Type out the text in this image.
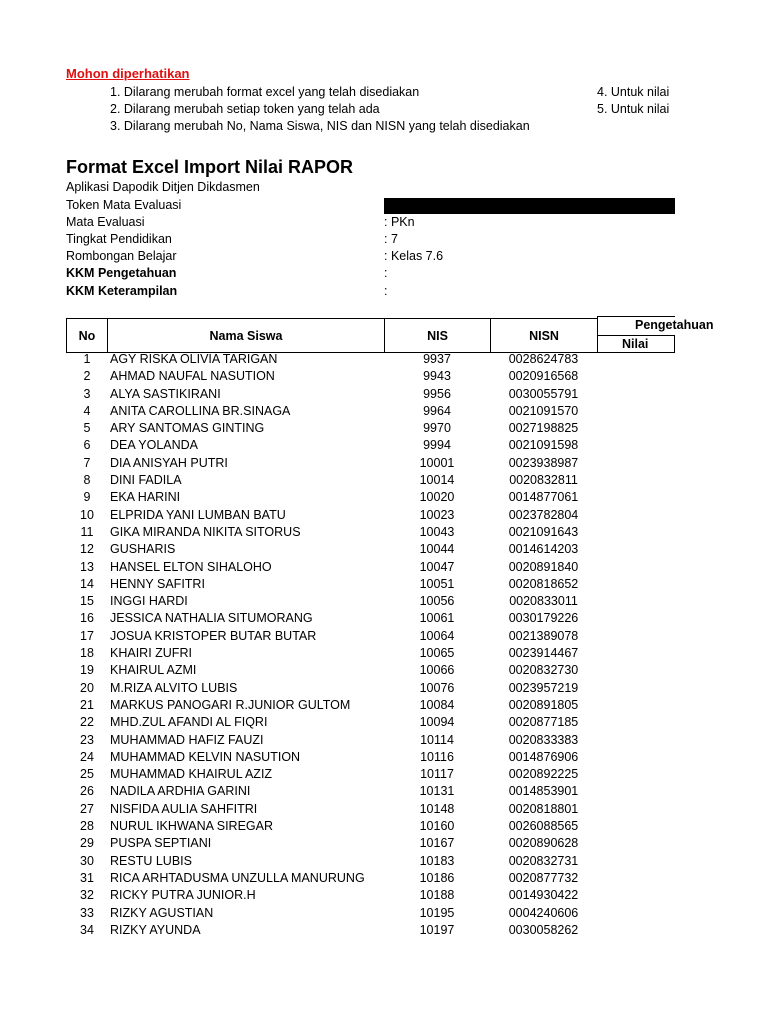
Mohon diperhatikan
1. Dilarang merubah format excel yang telah disediakan
2. Dilarang merubah setiap token yang telah ada
3. Dilarang merubah No, Nama Siswa, NIS dan NISN yang telah disediakan
4. Untuk nilai
5. Untuk nilai
Format Excel Import Nilai RAPOR
Aplikasi Dapodik Ditjen Dikdasmen
Token Mata Evaluasi
Mata Evaluasi	: PKn
Tingkat Pendidikan	: 7
Rombongan Belajar	: Kelas 7.6
KKM Pengetahuan	:
KKM Keterampilan	:
No	Nama Siswa	NIS	NISN
Pengetahuan
Nilai
1	AGY RISKA OLIVIA TARIGAN	9937	0028624783
2	AHMAD NAUFAL NASUTION	9943	0020916568
3	ALYA SASTIKIRANI	9956	0030055791
4	ANITA CAROLLINA BR.SINAGA	9964	0021091570
5	ARY SANTOMAS GINTING	9970	0027198825
6	DEA YOLANDA	9994	0021091598
7	DIA ANISYAH PUTRI	10001	0023938987
8	DINI FADILA	10014	0020832811
9	EKA HARINI	10020	0014877061
10	ELPRIDA YANI LUMBAN BATU	10023	0023782804
11	GIKA MIRANDA NIKITA SITORUS	10043	0021091643
12	GUSHARIS	10044	0014614203
13	HANSEL ELTON SIHALOHO	10047	0020891840
14	HENNY SAFITRI	10051	0020818652
15	INGGI HARDI	10056	0020833011
16	JESSICA NATHALIA SITUMORANG	10061	0030179226
17	JOSUA KRISTOPER BUTAR BUTAR	10064	0021389078
18	KHAIRI ZUFRI	10065	0023914467
19	KHAIRUL AZMI	10066	0020832730
20	M.RIZA ALVITO LUBIS	10076	0023957219
21	MARKUS PANOGARI R.JUNIOR GULTOM	10084	0020891805
22	MHD.ZUL AFANDI AL FIQRI	10094	0020877185
23	MUHAMMAD HAFIZ FAUZI	10114	0020833383
24	MUHAMMAD KELVIN NASUTION	10116	0014876906
25	MUHAMMAD KHAIRUL AZIZ	10117	0020892225
26	NADILA ARDHIA GARINI	10131	0014853901
27	NISFIDA AULIA SAHFITRI	10148	0020818801
28	NURUL IKHWANA SIREGAR	10160	0026088565
29	PUSPA SEPTIANI	10167	0020890628
30	RESTU LUBIS	10183	0020832731
31	RICA ARHTADUSMA UNZULLA MANURUNG	10186	0020877732
32	RICKY PUTRA JUNIOR.H	10188	0014930422
33	RIZKY AGUSTIAN	10195	0004240606
34	RIZKY AYUNDA	10197	0030058262
